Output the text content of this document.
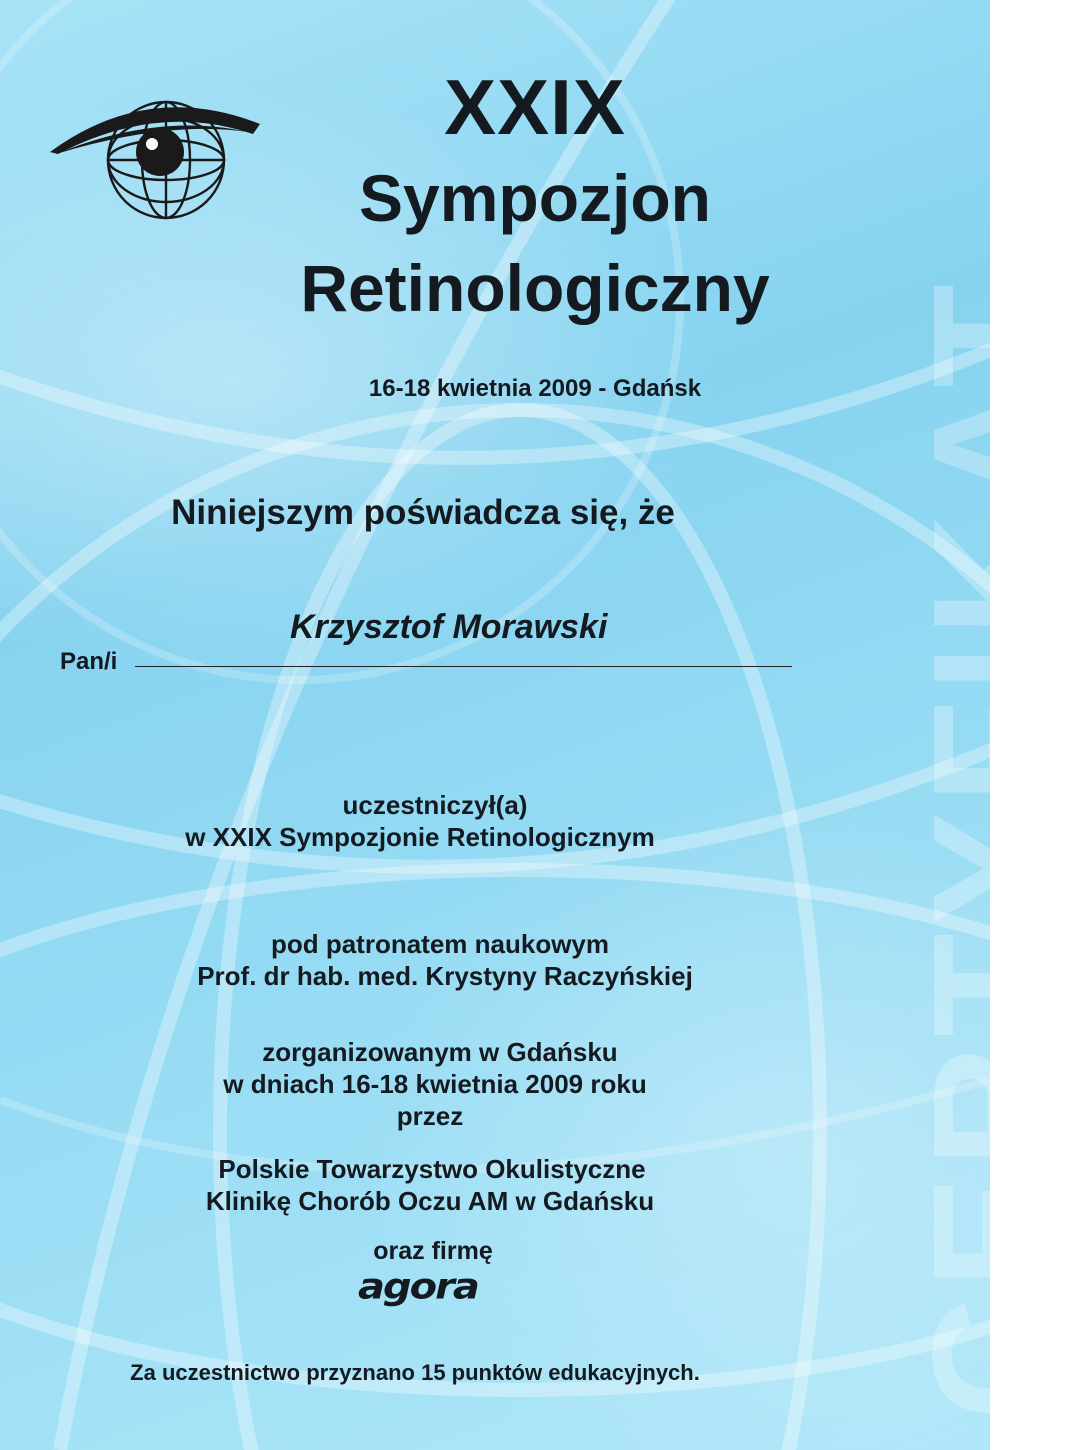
CERTYFIKAT
XXIX
Sympozjon
Retinologiczny
16-18 kwietnia 2009 - Gdańsk
Niniejszym poświadcza się, że
Krzysztof Morawski
Pan/i
uczestniczył(a)
w XXIX Sympozjonie Retinologicznym
pod patronatem naukowym
Prof. dr hab. med. Krystyny Raczyńskiej
zorganizowanym w Gdańsku
w dniach 16-18 kwietnia 2009 roku
przez
Polskie Towarzystwo Okulistyczne
Klinikę Chorób Oczu AM w Gdańsku
oraz firmę
agora
Za uczestnictwo przyznano 15 punktów edukacyjnych.
